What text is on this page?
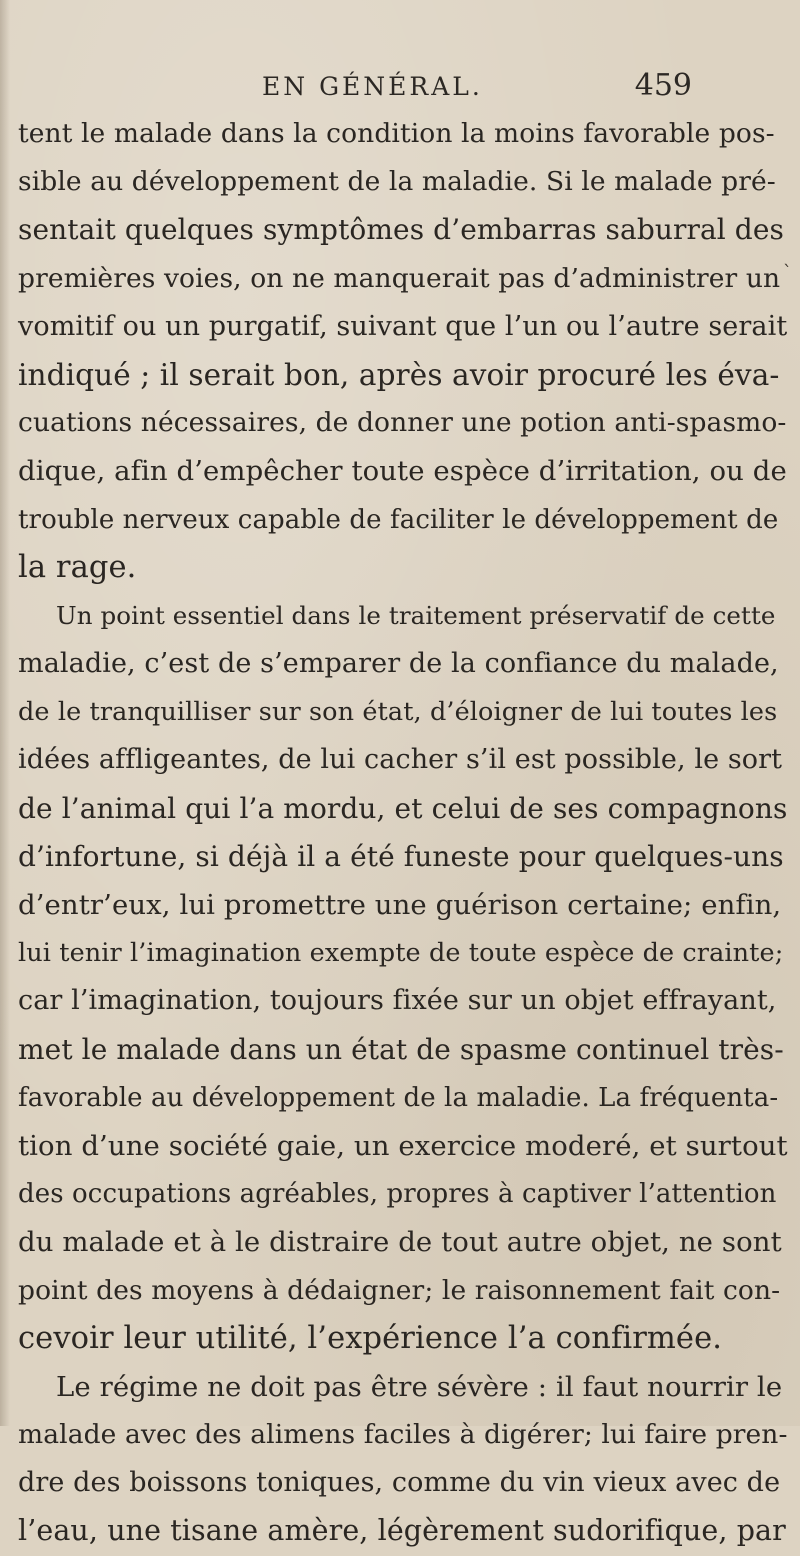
EN GÉNÉRAL.	459
`
tent le malade dans la condition la moins favorable pos-
sible au développement de la maladie. Si le malade pré-
sentait quelques symptômes d’embarras saburral des
premières voies, on ne manquerait pas d’administrer un
vomitif ou un purgatif, suivant que l’un ou l’autre serait
indiqué ; il serait bon, après avoir procuré les éva-
cuations nécessaires, de donner une potion anti-spasmo-
dique, afin d’empêcher toute espèce d’irritation, ou de
trouble nerveux capable de faciliter le développement de
la rage.
Un point essentiel dans le traitement préservatif de cette
maladie, c’est de s’emparer de la confiance du malade,
de le tranquilliser sur son état, d’éloigner de lui toutes les
idées affligeantes, de lui cacher s’il est possible, le sort
de l’animal qui l’a mordu, et celui de ses compagnons
d’infortune, si déjà il a été funeste pour quelques-uns
d’entr’eux, lui promettre une guérison certaine; enfin,
lui tenir l’imagination exempte de toute espèce de crainte;
car l’imagination, toujours fixée sur un objet effrayant,
met le malade dans un état de spasme continuel très-
favorable au développement de la maladie. La fréquenta-
tion d’une société gaie, un exercice moderé, et surtout
des occupations agréables, propres à captiver l’attention
du malade et à le distraire de tout autre objet, ne sont
point des moyens à dédaigner; le raisonnement fait con-
cevoir leur utilité, l’expérience l’a confirmée.
Le régime ne doit pas être sévère : il faut nourrir le
malade avec des alimens faciles à digérer; lui faire pren-
dre des boissons toniques, comme du vin vieux avec de
l’eau, une tisane amère, légèrement sudorifique, par
